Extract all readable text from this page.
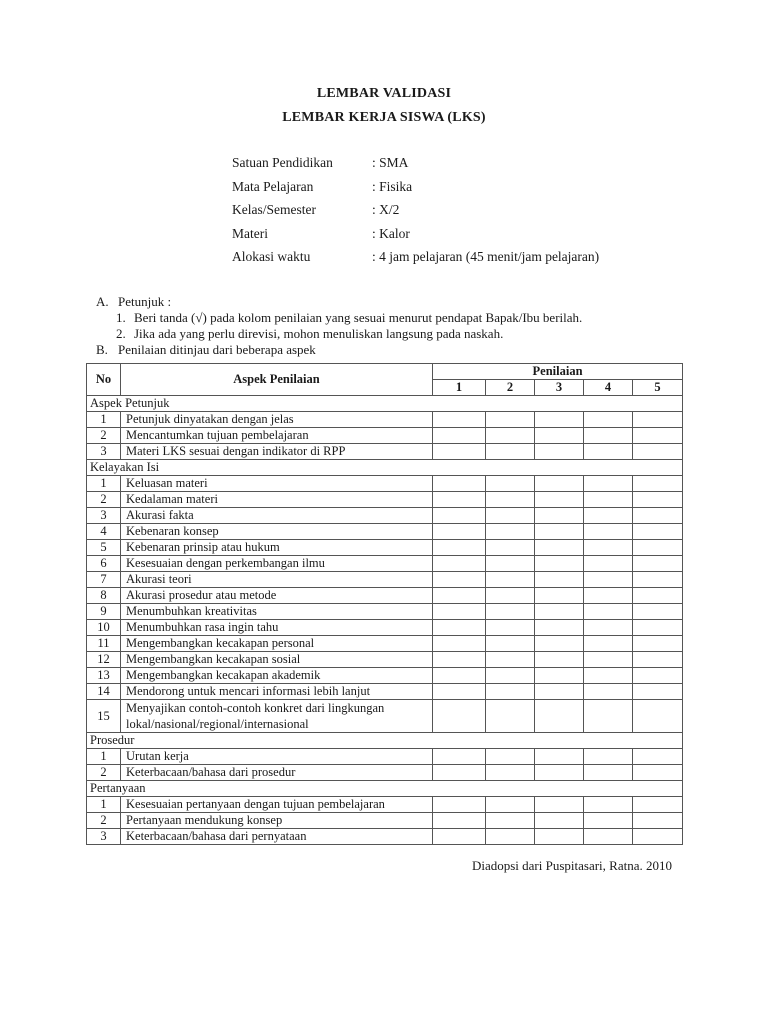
LEMBAR VALIDASI
LEMBAR KERJA SISWA (LKS)
Satuan Pendidikan	: SMA
Mata Pelajaran	: Fisika
Kelas/Semester	: X/2
Materi	: Kalor
Alokasi waktu	: 4 jam pelajaran (45 menit/jam pelajaran)
A. Petunjuk :
1. Beri tanda (√) pada kolom penilaian yang sesuai menurut pendapat Bapak/Ibu berilah.
2. Jika ada yang perlu direvisi, mohon menuliskan langsung pada naskah.
B. Penilaian ditinjau dari beberapa aspek
No	Aspek Penilaian	Penilaian				
		1	2	3	4	5
Aspek Petunjuk						
1	Petunjuk dinyatakan dengan jelas					
2	Mencantumkan tujuan pembelajaran					
3	Materi LKS sesuai dengan indikator di RPP					
Kelayakan Isi						
1	Keluasan materi					
2	Kedalaman materi					
3	Akurasi fakta					
4	Kebenaran konsep					
5	Kebenaran prinsip atau hukum					
6	Kesesuaian dengan perkembangan ilmu					
7	Akurasi teori					
8	Akurasi prosedur atau metode					
9	Menumbuhkan kreativitas					
10	Menumbuhkan rasa ingin tahu					
11	Mengembangkan kecakapan personal					
12	Mengembangkan kecakapan sosial					
13	Mengembangkan kecakapan akademik					
14	Mendorong untuk mencari informasi lebih lanjut					
15	Menyajikan contoh-contoh konkret dari lingkungan lokal/nasional/regional/internasional					
Prosedur						
1	Urutan kerja					
2	Keterbacaan/bahasa dari prosedur					
Pertanyaan						
1	Kesesuaian pertanyaan dengan tujuan pembelajaran					
2	Pertanyaan mendukung konsep					
3	Keterbacaan/bahasa dari pernyataan					
Diadopsi dari Puspitasari, Ratna. 2010
